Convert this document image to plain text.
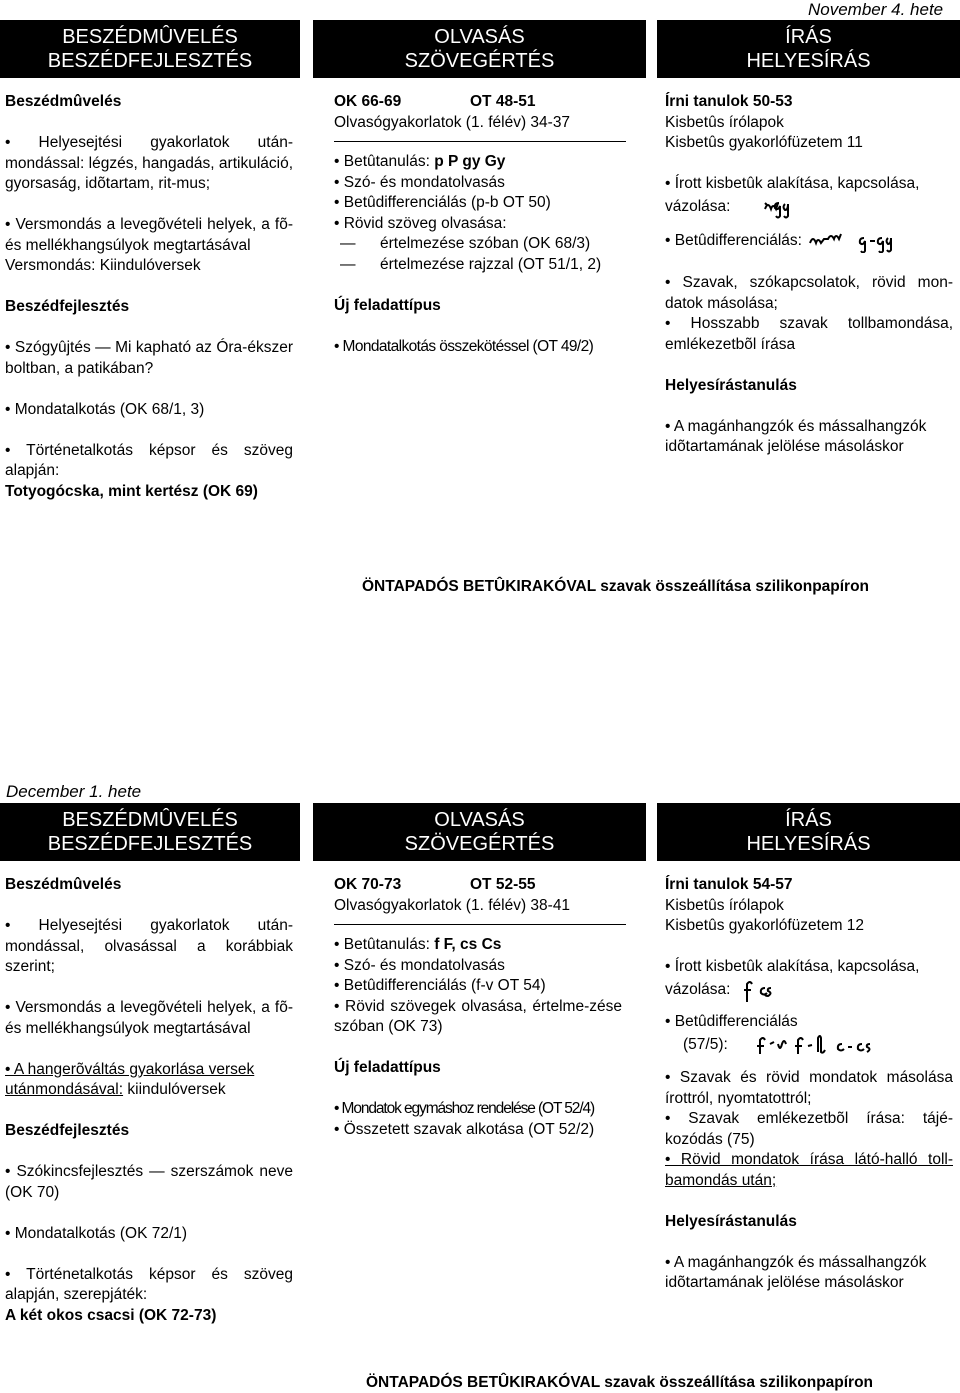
November 4. hete
BESZÉDMÛVELÉS
BESZÉDFEJLESZTÉS
OLVASÁS
SZÖVEGÉRTÉS
ÍRÁS
HELYESÍRÁS

Beszédmûvelés

• Helyesejtési gyakorlatok után-mondással: légzés, hangadás, artikuláció, gyorsaság, idõtartam, rit-mus;

• Versmondás a levegõvételi helyek, a fõ- és mellékhangsúlyok megtartásával

Versmondás: Kiindulóversek

Beszédfejlesztés

• Szógyûjtés — Mi kapható az Óra-ékszer boltban, a patikában?

• Mondatalkotás (OK 68/1, 3)

• Történetalkotás képsor és szöveg alapján:

Totyogócska, mint kertész (OK 69)

OK 66-69	OT 48-51

Olvasógyakorlatok (1. félév) 34-37

• Betûtanulás: p P gy Gy

• Szó- és mondatolvasás

• Betûdifferenciálás (p-b OT 50)

• Rövid szöveg olvasása:

—	értelmezése szóban (OK 68/3)

—	értelmezése rajzzal (OT 51/1, 2)

Új feladattípus

• Mondatalkotás összekötéssel (OT 49/2)

Írni tanulok 50-53

Kisbetûs írólapok

Kisbetûs gyakorlófüzetem 11

• Írott kisbetûk alakítása, kapcsolása,

vázolása:

• Betûdifferenciálás:

• Szavak, szókapcsolatok, rövid mon-datok másolása;

• Hosszabb szavak tollbamondása, emlékezetbõl írása

Helyesírástanulás

• A magánhangzók és mássalhangzók idõtartamának jelölése másoláskor

ÖNTAPADÓS BETÛKIRAKÓVAL szavak összeállítása szilikonpapíron
December 1. hete
BESZÉDMÛVELÉS
BESZÉDFEJLESZTÉS
OLVASÁS
SZÖVEGÉRTÉS
ÍRÁS
HELYESÍRÁS

Beszédmûvelés

• Helyesejtési gyakorlatok után-mondással, olvasással a korábbiak szerint;

• Versmondás a levegõvételi helyek, a fõ- és mellékhangsúlyok megtartásával

• A hangerõváltás gyakorlása versek utánmondásával: kiindulóversek

Beszédfejlesztés

• Szókincsfejlesztés — szerszámok neve (OK 70)

• Mondatalkotás (OK 72/1)

• Történetalkotás képsor és szöveg alapján, szerepjáték:

A két okos csacsi (OK 72-73)

OK 70-73	OT 52-55

Olvasógyakorlatok (1. félév) 38-41

• Betûtanulás: f F, cs Cs

• Szó- és mondatolvasás

• Betûdifferenciálás (f-v OT 54)

• Rövid szövegek olvasása, értelme-zése szóban (OK 73)

Új feladattípus

• Mondatok egymáshoz rendelése (OT 52/4)

• Összetett szavak alkotása (OT 52/2)

Írni tanulok 54-57

Kisbetûs írólapok

Kisbetûs gyakorlófüzetem 12

• Írott kisbetûk alakítása, kapcsolása,

vázolása:

• Betûdifferenciálás

(57/5):

• Szavak és rövid mondatok másolása írottról, nyomtatottról;

• Szavak emlékezetbõl írása: tájé-kozódás (75)

• Rövid mondatok írása látó-halló toll-bamondás után;

Helyesírástanulás

• A magánhangzók és mássalhangzók idõtartamának jelölése másoláskor

ÖNTAPADÓS BETÛKIRAKÓVAL szavak összeállítása szilikonpapíron
